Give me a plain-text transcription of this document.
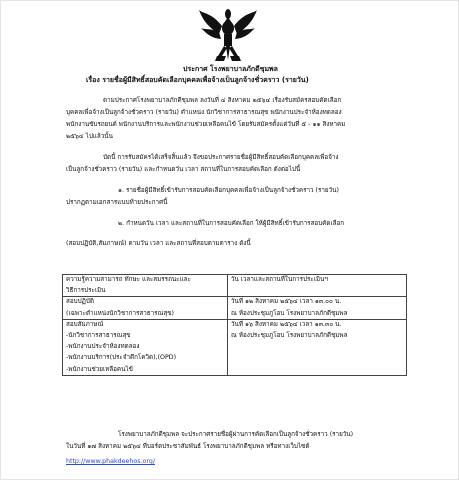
ประกาศ โรงพยาบาลภักดีชุมพล
เรื่อง รายชื่อผู้มีสิทธิ์สอบคัดเลือกบุคคลเพื่อจ้างเป็นลูกจ้างชั่วคราว (รายวัน)
ตามประกาศโรงพยาบาลภักดีชุมพล ลงวันที่ ๔ สิงหาคม ๒๕๖๔ เรื่องรับสมัครสอบคัดเลือก
บุคคลเพื่อจ้างเป็นลูกจ้างชั่วคราว (รายวัน) ตำแหน่ง นักวิชาการสาธารณสุข พนักงานประจำห้องทดลอง
พนักงานขับรถยนต์ พนักงานบริการและพนักงานช่วยเหลือคนไข้ โดยรับสมัครตั้งแต่วันที่ ๕ - ๑๑ สิงหาคม
๒๕๖๔ ไปแล้วนั้น
บัดนี้ การรับสมัครได้เสร็จสิ้นแล้ว จึงขอประกาศรายชื่อผู้มีสิทธิ์สอบคัดเลือกบุคคลเพื่อจ้าง
เป็นลูกจ้างชั่วคราว (รายวัน) และกำหนดวัน เวลา สถานที่ในการสอบคัดเลือก ดังต่อไปนี้
๑. รายชื่อผู้มีสิทธิ์เข้ารับการสอบคัดเลือกบุคคลเพื่อจ้างเป็นลูกจ้างชั่วคราว (รายวัน)
ปรากฏตามเอกสารแนบท้ายประกาศนี้
๒. กำหนดวัน เวลา และสถานที่ในการสอบคัดเลือก ให้ผู้มีสิทธิ์เข้ารับการสอบคัดเลือก
(สอบปฏิบัติ,สัมภาษณ์) ตามวัน เวลา และสถานที่สอบตามตาราง ดังนี้
ความรู้ความสามารถ ทักษะ และสมรรถนะและ
วิธีการประเมิน	วัน เวลาและสถานที่ในการประเมินฯ

สอบปฏิบัติ
(เฉพาะตำแหน่งนักวิชาการสาธารณสุข)	วันที่ ๑๒ สิงหาคม ๒๕๖๔ เวลา ๑๓.๐๐ น.
ณ ห้องประชุมภูโอบ โรงพยาบาลภักดีชุมพล

สอบสัมภาษณ์
-นักวิชาการสาธารณสุข
-พนักงานประจำห้องทดลอง
-พนักงานบริการ(ประจำตึกโควิด),(OPD)
-พนักงานช่วยเหลือคนไข้	วันที่ ๑๖ สิงหาคม ๒๕๖๔ เวลา ๑๓.๓๐ น.
ณ ห้องประชุมภูโอบ โรงพยาบาลภักดีชุมพล
โรงพยาบาลภักดีชุมพล จะประกาศรายชื่อผู้ผ่านการคัดเลือกเป็นลูกจ้างชั่วคราว (รายวัน)
ในวันที่ ๑๗ สิงหาคม ๒๕๖๔ ที่บอร์ดประชาสัมพันธ์ โรงพยาบาลภักดีชุมพล หรือทางเว็บไซต์
http://www.phakdeehos.org/
